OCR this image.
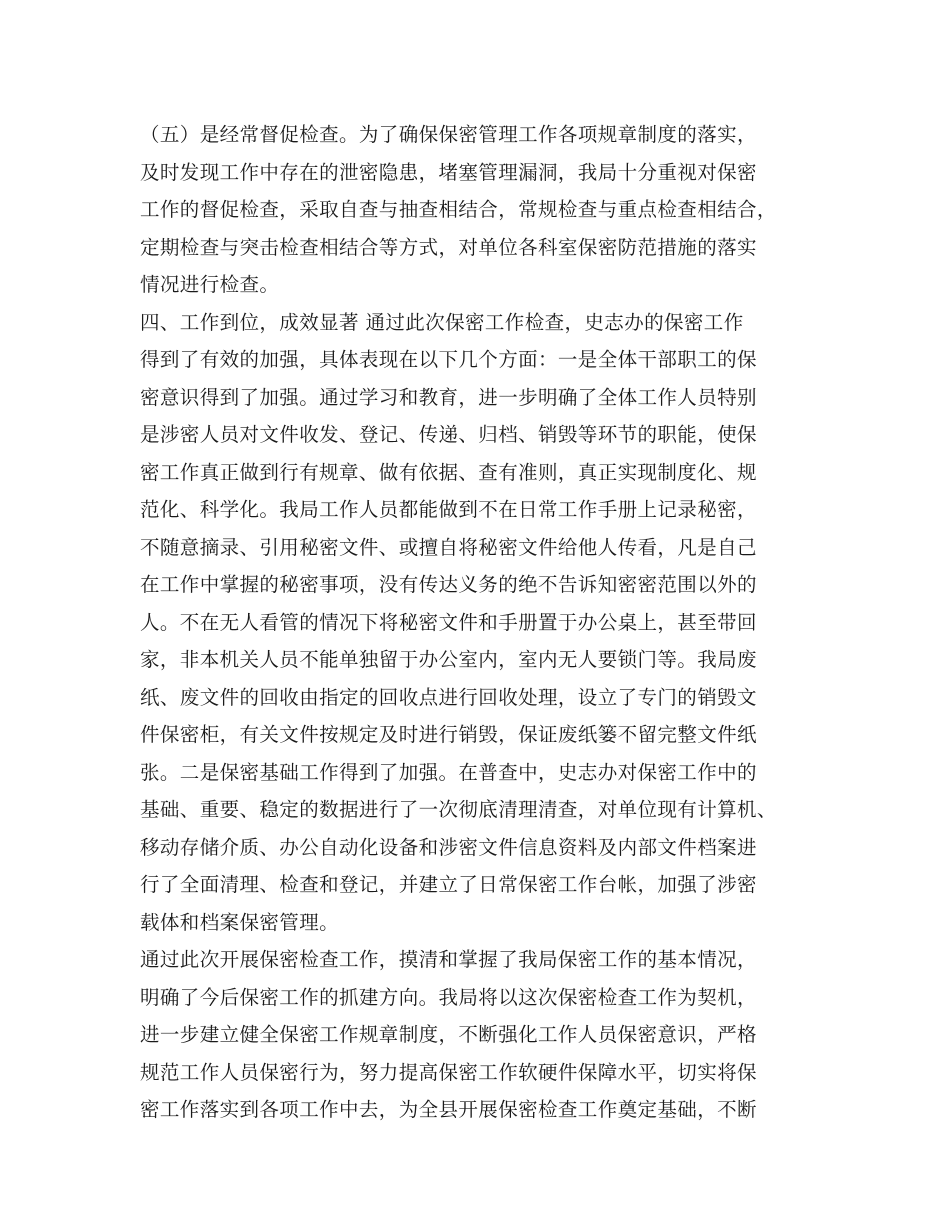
（五）是经常督促检查。为了确保保密管理工作各项规章制度的落实，
及时发现工作中存在的泄密隐患，堵塞管理漏洞，我局十分重视对保密
工作的督促检查，采取自查与抽查相结合，常规检查与重点检查相结合，
定期检查与突击检查相结合等方式，对单位各科室保密防范措施的落实
情况进行检查。
四、工作到位，成效显著 通过此次保密工作检查，史志办的保密工作
得到了有效的加强，具体表现在以下几个方面：一是全体干部职工的保
密意识得到了加强。通过学习和教育，进一步明确了全体工作人员特别
是涉密人员对文件收发、登记、传递、归档、销毁等环节的职能，使保
密工作真正做到行有规章、做有依据、查有准则，真正实现制度化、规
范化、科学化。我局工作人员都能做到不在日常工作手册上记录秘密，
不随意摘录、引用秘密文件、或擅自将秘密文件给他人传看，凡是自己
在工作中掌握的秘密事项，没有传达义务的绝不告诉知密密范围以外的
人。不在无人看管的情况下将秘密文件和手册置于办公桌上，甚至带回
家，非本机关人员不能单独留于办公室内，室内无人要锁门等。我局废
纸、废文件的回收由指定的回收点进行回收处理，设立了专门的销毁文
件保密柜，有关文件按规定及时进行销毁，保证废纸篓不留完整文件纸
张。二是保密基础工作得到了加强。在普查中，史志办对保密工作中的
基础、重要、稳定的数据进行了一次彻底清理清查，对单位现有计算机、
移动存储介质、办公自动化设备和涉密文件信息资料及内部文件档案进
行了全面清理、检查和登记，并建立了日常保密工作台帐，加强了涉密
载体和档案保密管理。
通过此次开展保密检查工作，摸清和掌握了我局保密工作的基本情况，
明确了今后保密工作的抓建方向。我局将以这次保密检查工作为契机，
进一步建立健全保密工作规章制度，不断强化工作人员保密意识，严格
规范工作人员保密行为，努力提高保密工作软硬件保障水平，切实将保
密工作落实到各项工作中去，为全县开展保密检查工作奠定基础，不断
